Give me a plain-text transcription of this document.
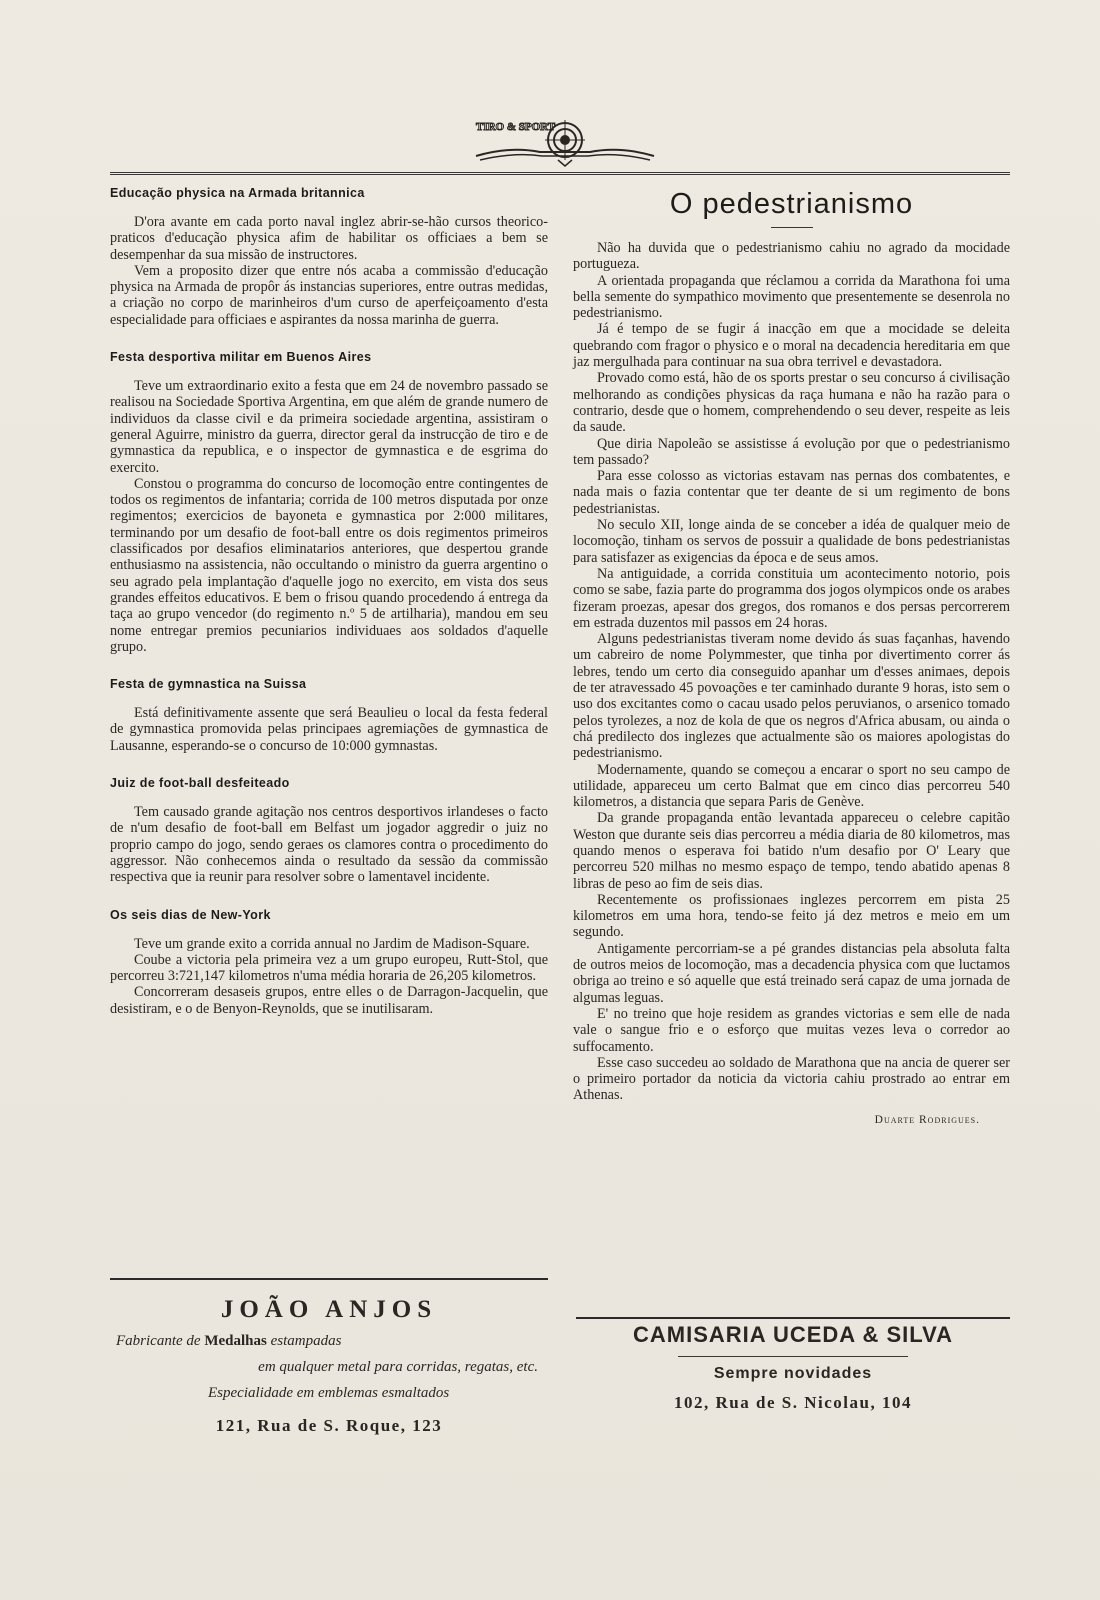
TIRO & SPORT

Educação physica na Armada britannica

D'ora avante em cada porto naval inglez abrir-se-hão cursos theorico-praticos d'educação physica afim de habilitar os officiaes a bem se desempenhar da sua missão de instructores.

Vem a proposito dizer que entre nós acaba a commissão d'educação physica na Armada de propôr ás instancias superiores, entre outras medidas, a criação no corpo de marinheiros d'um curso de aperfeiçoamento d'esta especialidade para officiaes e aspirantes da nossa marinha de guerra.

Festa desportiva militar em Buenos Aires

Teve um extraordinario exito a festa que em 24 de novembro passado se realisou na Sociedade Sportiva Argentina, em que além de grande numero de individuos da classe civil e da primeira sociedade argentina, assistiram o general Aguirre, ministro da guerra, director geral da instrucção de tiro e de gymnastica da republica, e o inspector de gymnastica e de esgrima do exercito.

Constou o programma do concurso de locomoção entre contingentes de todos os regimentos de infantaria; corrida de 100 metros disputada por onze regimentos; exercicios de bayoneta e gymnastica por 2:000 militares, terminando por um desafio de foot-ball entre os dois regimentos primeiros classificados por desafios eliminatarios anteriores, que despertou grande enthusiasmo na assistencia, não occultando o ministro da guerra argentino o seu agrado pela implantação d'aquelle jogo no exercito, em vista dos seus grandes effeitos educativos. E bem o frisou quando procedendo á entrega da taça ao grupo vencedor (do regimento n.º 5 de artilharia), mandou em seu nome entregar premios pecuniarios individuaes aos soldados d'aquelle grupo.

Festa de gymnastica na Suissa

Está definitivamente assente que será Beaulieu o local da festa federal de gymnastica promovida pelas principaes agremiações de gymnastica de Lausanne, esperando-se o concurso de 10:000 gymnastas.

Juiz de foot-ball desfeiteado

Tem causado grande agitação nos centros desportivos irlandeses o facto de n'um desafio de foot-ball em Belfast um jogador aggredir o juiz no proprio campo do jogo, sendo geraes os clamores contra o procedimento do aggressor. Não conhecemos ainda o resultado da sessão da commissão respectiva que ia reunir para resolver sobre o lamentavel incidente.

Os seis dias de New-York

Teve um grande exito a corrida annual no Jardim de Madison-Square.

Coube a victoria pela primeira vez a um grupo europeu, Rutt-Stol, que percorreu 3:721,147 kilometros n'uma média horaria de 26,205 kilometros.

Concorreram desaseis grupos, entre elles o de Darragon-Jacquelin, que desistiram, e o de Benyon-Reynolds, que se inutilisaram.

O pedestrianismo

Não ha duvida que o pedestrianismo cahiu no agrado da mocidade portugueza.

A orientada propaganda que réclamou a corrida da Marathona foi uma bella semente do sympathico movimento que presentemente se desenrola no pedestrianismo.

Já é tempo de se fugir á inacção em que a mocidade se deleita quebrando com fragor o physico e o moral na decadencia hereditaria em que jaz mergulhada para continuar na sua obra terrivel e devastadora.

Provado como está, hão de os sports prestar o seu concurso á civilisação melhorando as condições physicas da raça humana e não ha razão para o contrario, desde que o homem, comprehendendo o seu dever, respeite as leis da saude.

Que diria Napoleão se assistisse á evolução por que o pedestrianismo tem passado?

Para esse colosso as victorias estavam nas pernas dos combatentes, e nada mais o fazia contentar que ter deante de si um regimento de bons pedestrianistas.

No seculo XII, longe ainda de se conceber a idéa de qualquer meio de locomoção, tinham os servos de possuir a qualidade de bons pedestrianistas para satisfazer as exigencias da época e de seus amos.

Na antiguidade, a corrida constituia um acontecimento notorio, pois como se sabe, fazia parte do programma dos jogos olympicos onde os arabes fizeram proezas, apesar dos gregos, dos romanos e dos persas percorrerem em estrada duzentos mil passos em 24 horas.

Alguns pedestrianistas tiveram nome devido ás suas façanhas, havendo um cabreiro de nome Polymmester, que tinha por divertimento correr ás lebres, tendo um certo dia conseguido apanhar um d'esses animaes, depois de ter atravessado 45 povoações e ter caminhado durante 9 horas, isto sem o uso dos excitantes como o cacau usado pelos peruvianos, o arsenico tomado pelos tyrolezes, a noz de kola de que os negros d'Africa abusam, ou ainda o chá predilecto dos inglezes que actualmente são os maiores apologistas do pedestrianismo.

Modernamente, quando se começou a encarar o sport no seu campo de utilidade, appareceu um certo Balmat que em cinco dias percorreu 540 kilometros, a distancia que separa Paris de Genève.

Da grande propaganda então levantada appareceu o celebre capitão Weston que durante seis dias percorreu a média diaria de 80 kilometros, mas quando menos o esperava foi batido n'um desafio por O' Leary que percorreu 520 milhas no mesmo espaço de tempo, tendo abatido apenas 8 libras de peso ao fim de seis dias.

Recentemente os profissionaes inglezes percorrem em pista 25 kilometros em uma hora, tendo-se feito já dez metros e meio em um segundo.

Antigamente percorriam-se a pé grandes distancias pela absoluta falta de outros meios de locomoção, mas a decadencia physica com que luctamos obriga ao treino e só aquelle que está treinado será capaz de uma jornada de algumas leguas.

E' no treino que hoje residem as grandes victorias e sem elle de nada vale o sangue frio e o esforço que muitas vezes leva o corredor ao suffocamento.

Esse caso succedeu ao soldado de Marathona que na ancia de querer ser o primeiro portador da noticia da victoria cahiu prostrado ao entrar em Athenas.

Duarte Rodrigues.

JOÃO ANJOS

Fabricante de Medalhas estampadas

em qualquer metal para corridas, regatas, etc.

Especialidade em emblemas esmaltados

121, Rua de S. Roque, 123

CAMISARIA UCEDA & SILVA

Sempre novidades

102, Rua de S. Nicolau, 104
